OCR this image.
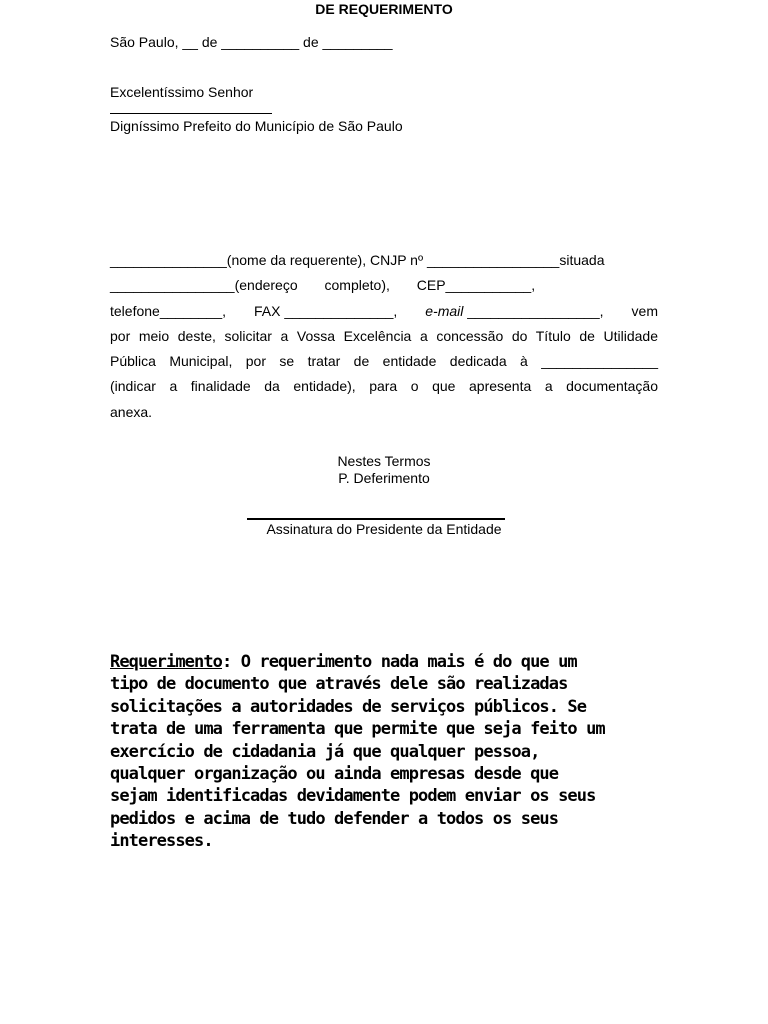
DE REQUERIMENTO
São Paulo, __ de __________ de _________
Excelentíssimo Senhor
Digníssimo Prefeito do Município de São Paulo
_______________(nome da requerente), CNJP nº _________________situada
________________(endereço completo), CEP___________,
telefone________, FAX ______________, e-mail _________________, vem
por meio deste, solicitar a Vossa Excelência a concessão do Título de Utilidade
Pública Municipal, por se tratar de entidade dedicada à _______________
(indicar a finalidade da entidade), para o que apresenta a documentação
anexa.
Nestes Termos
P. Deferimento
Assinatura do Presidente da Entidade
Requerimento: O requerimento nada mais é do que um
tipo de documento que através dele são realizadas
solicitações a autoridades de serviços públicos. Se
trata de uma ferramenta que permite que seja feito um
exercício de cidadania já que qualquer pessoa,
qualquer organização ou ainda empresas desde que
sejam identificadas devidamente podem enviar os seus
pedidos e acima de tudo defender a todos os seus
interesses.
